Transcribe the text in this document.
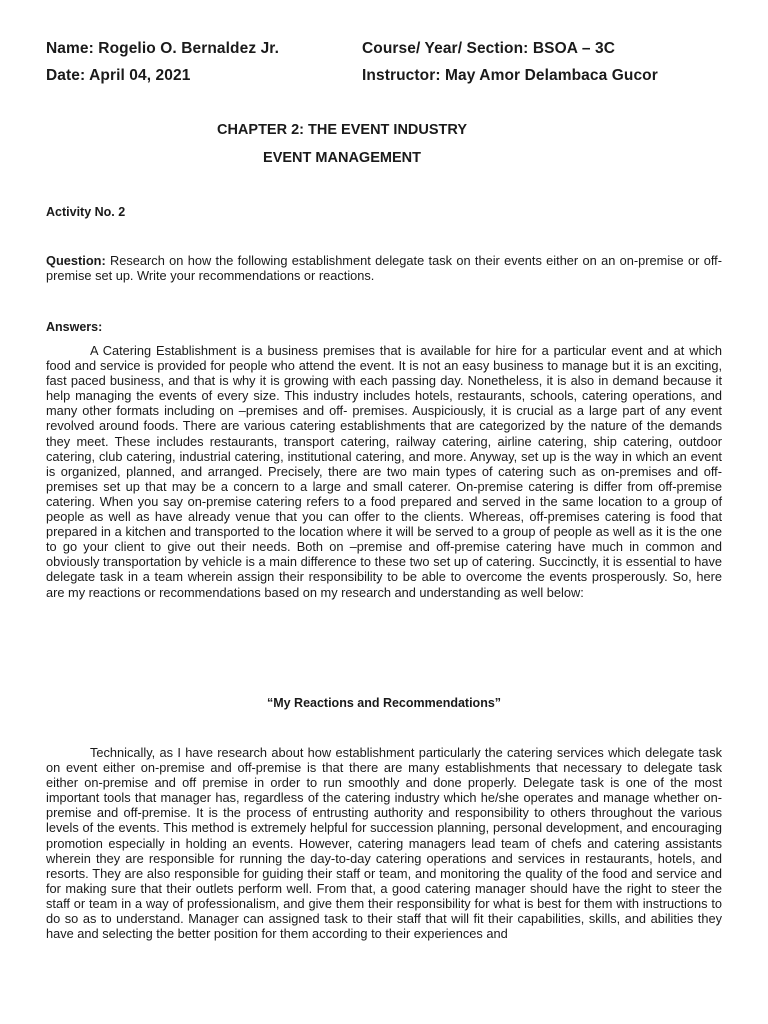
Name: Rogelio O. Bernaldez Jr.	Course/ Year/ Section: BSOA – 3C
Date: April 04, 2021	Instructor: May Amor Delambaca Gucor
CHAPTER 2: THE EVENT INDUSTRY
EVENT MANAGEMENT
Activity No. 2
Question: Research on how the following establishment delegate task on their events either on an on-premise or off-premise set up. Write your recommendations or reactions.
Answers:
A Catering Establishment is a business premises that is available for hire for a particular event and at which food and service is provided for people who attend the event. It is not an easy business to manage but it is an exciting, fast paced business, and that is why it is growing with each passing day. Nonetheless, it is also in demand because it help managing the events of every size. This industry includes hotels, restaurants, schools, catering operations, and many other formats including on –premises and off- premises. Auspiciously, it is crucial as a large part of any event revolved around foods. There are various catering establishments that are categorized by the nature of the demands they meet. These includes restaurants, transport catering, railway catering, airline catering, ship catering, outdoor catering, club catering, industrial catering, institutional catering, and more. Anyway, set up is the way in which an event is organized, planned, and arranged. Precisely, there are two main types of catering such as on-premises and off-premises set up that may be a concern to a large and small caterer. On-premise catering is differ from off-premise catering. When you say on-premise catering refers to a food prepared and served in the same location to a group of people as well as have already venue that you can offer to the clients. Whereas, off-premises catering is food that prepared in a kitchen and transported to the location where it will be served to a group of people as well as it is the one to go your client to give out their needs. Both on –premise and off-premise catering have much in common and obviously transportation by vehicle is a main difference to these two set up of catering. Succinctly, it is essential to have delegate task in a team wherein assign their responsibility to be able to overcome the events prosperously. So, here are my reactions or recommendations based on my research and understanding as well below:
“My Reactions and Recommendations”
Technically, as I have research about how establishment particularly the catering services which delegate task on event either on-premise and off-premise is that there are many establishments that necessary to delegate task either on-premise and off premise in order to run smoothly and done properly. Delegate task is one of the most important tools that manager has, regardless of the catering industry which he/she operates and manage whether on-premise and off-premise. It is the process of entrusting authority and responsibility to others throughout the various levels of the events. This method is extremely helpful for succession planning, personal development, and encouraging promotion especially in holding an events. However, catering managers lead team of chefs and catering assistants wherein they are responsible for running the day-to-day catering operations and services in restaurants, hotels, and resorts. They are also responsible for guiding their staff or team, and monitoring the quality of the food and service and for making sure that their outlets perform well. From that, a good catering manager should have the right to steer the staff or team in a way of professionalism, and give them their responsibility for what is best for them with instructions to do so as to understand. Manager can assigned task to their staff that will fit their capabilities, skills, and abilities they have and selecting the better position for them according to their experiences and
